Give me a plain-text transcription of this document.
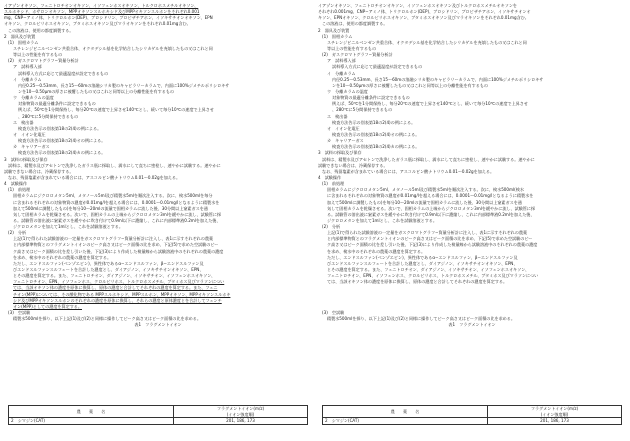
イアゾンオキソン、フェニトロチオンオキソン、イソフェンホスオキソン、トルクロホスメチルオキソン、
スルホキシド、ホサロンオキソン、MPPオキソンスルホキシド及びMPPオキソンスルホンをそれぞれ0.001
mg、CNP−アミノ体、トリクロルホン(DEP)、ブロシドリン、ブロピザチアホン、イソキサチオンオキソン、EPN
オキソン、クロルピリホスオキソン、ブタミホスオキソン及びマラオキソンをそれぞれ0.01mg含む。
この溶液は、使用の都度調製する。
2　器具及び装置
(1)　固相カラム
スチレンジビニルベンゼン共重合体、オクタデシル基を化学結合したシリカゲルを充填したもの又はこれと同
等以上の性能を有するもの
(2)　ガスクロマトグラフ−質量分析計
ア　試料導入部
試料導入方式に応じて最適温度が設定できるもの
イ　分離カラム
内径0.25〜0.53mm、長さ15〜60mの溶融シリカ製のキャピラリーカラムで、内面に100%ジメチルポリシロキサ
ンを10〜0.50μmの厚さに被覆したもの又はこれと同等以上の分離性能を有するもの
ウ　分離カラムの温度
対象物質の最適分離条件に設定できるもの
例えば、50℃を1分間保持し、毎分20℃の速度で上昇させ140℃とし、続いて毎分10℃の速度で上昇させ
、280℃に5分間保持できるもの
エ　検出器
検査方法告示の別表第18の2(4)の例による。
オ　イオン化電圧
検査方法告示の別表第18の2(4)オの例による。
カ　キャリアーガス
検査方法告示の別表第18の2(4)カの例による。
3　試料の採取及び保存
試料は、精製水及びアセトンで洗浄したガラス瓶に採取し、満水にして直ちに密栓し、速やかに試験する。速やかに
試験できない場合は、冷蔵保存する。
なお、残留塩素が含まれている場合には、アスコルビン酸ナトリウム0.01〜0.02gを加える。
4　試験操作
(1)　前処理
固相カラムにジクロロメタン5ml、メタノール5ml及び精製水5mlを順次注入する。次に、検水500mlを毎分
に含まれるそれぞれの対象物質の濃度が0.01mg/lを超える場合には、0.0001〜0.01mg/lとなるように精製水を
加えて500mlに調製したもの)を毎分10〜20mlの流量で固相カラムに流した後、30分間以上窒素ガスを通
気して固相カラムを乾燥させる。次いで、固相カラムの上端からジクロロメタン3mlを緩やかに流し、試験管に採
る。試験管の溶出液に窒素ガスを緩やかに吹き付けて0.9ml以下に濃縮し、これに内部標準液0.2mlを加えた後、
ジクロロメタンを加えて1mlとし、これを試験溶液とする。
(2)　分析
上記(1)で得られた試験溶液の一定量をガスクロマトグラフ−質量分析計に注入し、表1に示すそれぞれの農薬
と内部標準物質とのフラグメントイオンのピーク高さ又はピーク面積の比を求め、下記(5)で求めた空試験のピー
ク高さ又はピーク面積の比を差し引いた後、下記(3)により作成した検量線から試験溶液中のそれぞれの農薬の濃度
を求め、検水中のそれぞれの農薬の濃度を算定する。
ただし、エンドスルファン(ベンゾエピン)、異性体であるα−エンドスルファン、β−エンドスルファン及
びエンドスルファンスルフェートを合計した濃度とし、ダイアジノン、イソキサチオンオキソン、EPN、
とその濃度を算定する。また、フェニトロチオン、ダイアジノン、イソキサチオン、イソフェンホスオキソン、
フェニトロチオン、EPN、イソフェンホス、クロルピリホス、トルクロホスメチル、ブタミホス及びマラソンについ
ては、当該オキソン体の濃度を原体に換算し、原体の濃度と合計してそれぞれの濃度を算定する。また、フェニ
チオン(MPP)については、その酸化物である MPPスルホキシド、MPPスルホン、MPPオキソン、MPPオキソンスルホキ
シド及びMPPオキソンスルホンのそれぞれの濃度を原体に換算し、それらの濃度と原体濃度とを合計してフェンチ
オン(MPP)としての濃度を算定する。
(3)　空試験
精製水500mlを採り、以下上記(1)及び(2)と同様に操作してピーク高さ又はピーク面積の比を求める。
表1　フラグメントイオン
農　　 薬　　 名	フラグメントイオン(m/z)
(イオン強度順)

2　 シマジン(CAT)	201, 186, 173
イアゾンオキソン、フェニトロチオンオキソン、イソフェンホスオキソン及びトルクロホスメチルオキソンを
それぞれ0.001mg、CNP−アミノ体、トリクロルホン(DEP)、ブロシドリン、ブロピザチアホン、イソキサチオンオ
キソン、EPNオキソン、クロルピリホスオキソン、ブタミホスオキソン及びマラオキソンをそれぞれ0.01mg含む。
この溶液は、使用の都度調製する。
2　器具及び装置
(1)　固相カラム
スチレンジビニルベンゼン共重合体、オクタデシル基を化学結合したシリカゲルを充填したもの又はこれと同
等以上の性能を有するもの
(2)　ガスクロマトグラフ−質量分析計
ア　試料導入部
試料導入方式に応じて最適温度が設定できるもの
イ　分離カラム
内径0.25〜0.53mm、長さ15〜60mの溶融シリカ製のキャピラリーカラムで、内面に100%ジメチルポリシロキサ
ンを10〜0.50μmの厚さに被覆したもの又はこれと同等以上の分離性能を有するもの
ウ　分離カラムの温度
対象物質の最適分離条件に設定できるもの
例えば、50℃を1分間保持し、毎分20℃の速度で上昇させ140℃とし、続いて毎分10℃の速度で上昇させ
、280℃に5分間保持できるもの
エ　検出器
検査方法告示の別表第18の2(4)の例による。
オ　イオン化電圧
検査方法告示の別表第18の2(4)オの例による。
カ　キャリアーガス
検査方法告示の別表第18の2(4)カの例による。
3　試料の採取及び保存
試料は、精製水及びアセトンで洗浄したガラス瓶に採取し、満水にして直ちに密栓し、速やかに試験する。速やかに
試験できない場合は、冷蔵保存する。
なお、残留塩素が含まれている場合には、アスコルビン酸ナトリウム0.01〜0.02gを加える。
4　試験操作
(1)　前処理
固相カラムにジクロロメタン5ml、メタノール5ml及び精製水5mlを順次注入する。次に、検水500ml(検水
に含まれるそれぞれの対象物質の濃度が0.01mg/lを超える場合には、0.0001〜0.01mg/lとなるように精製水を
加えて500mlに調製したもの)を毎分10〜20mlの流量で固相カラムに流した後、30分間以上窒素ガスを通
気して固相カラムを乾燥させる。次いで、固相カラムの上端からジクロロメタン3mlを緩やかに流し、試験管に採
る。試験管の溶出液に窒素ガスを緩やかに吹き付けて0.9ml以下に濃縮し、これに内部標準液0.2mlを加えた後、
ジクロロメタンを加えて1mlとし、これを試験溶液とする。
(2)　分析
上記(1)で得られた試験溶液の一定量をガスクロマトグラフ−質量分析計に注入し、表1に示すそれぞれの農薬
と内部標準物質とのフラグメントイオンのピーク高さ又はピーク面積の比を求め、下記(5)で求めた空試験のピー
ク高さ又はピーク面積の比を差し引いた後、下記(3)により作成した検量線から試験溶液中のそれぞれの農薬の濃度
を求め、検水中のそれぞれの農薬の濃度を算定する。
ただし、エンドスルファン(ベンゾエピン)、異性体であるα−エンドスルファン、β−エンドスルファン及
びエンドスルファンスルフェートを合計した濃度とし、ダイアジノン、イソキサチオンオキソン、EPN、
とその濃度を算定する。また、フェニトロチオン、ダイアジノン、イソキサチオン、イソフェンホスオキソン、
フェニトロチオン、EPN、イソフェンホス、クロルピリホス、トルクロホスメチル、ブタミホス及びマラソンについ
ては、当該オキソン体の濃度を原体に換算し、原体の濃度と合計してそれぞれの濃度を算定する。
(3)　空試験
精製水500mlを採り、以下上記(1)及び(2)と同様に操作してピーク高さ又はピーク面積の比を求める。
表1　フラグメントイオン
農　　 薬　　 名	フラグメントイオン(m/z)
(イオン強度順)

2　 シマジン(CAT)	201, 186, 173
